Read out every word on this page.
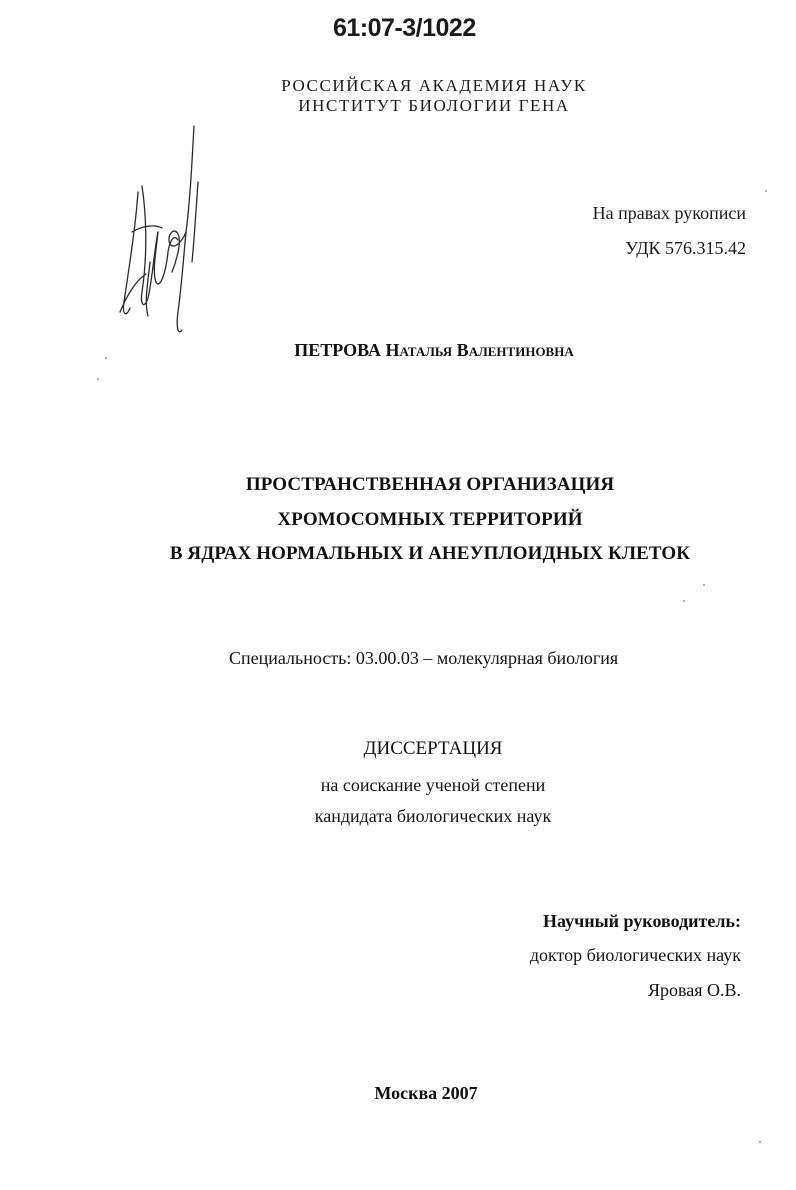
61:07-3/1022
РОССИЙСКАЯ АКАДЕМИЯ НАУК
ИНСТИТУТ БИОЛОГИИ ГЕНА
На правах рукописи
УДК 576.315.42
ПЕТРОВА Наталья Валентиновна
ПРОСТРАНСТВЕННАЯ ОРГАНИЗАЦИЯ
ХРОМОСОМНЫХ ТЕРРИТОРИЙ
В ЯДРАХ НОРМАЛЬНЫХ И АНЕУПЛОИДНЫХ КЛЕТОК
Специальность: 03.00.03 – молекулярная биология
ДИССЕРТАЦИЯ
на соискание ученой степени
кандидата биологических наук
Научный руководитель:
доктор биологических наук
Яровая О.В.
Москва 2007
